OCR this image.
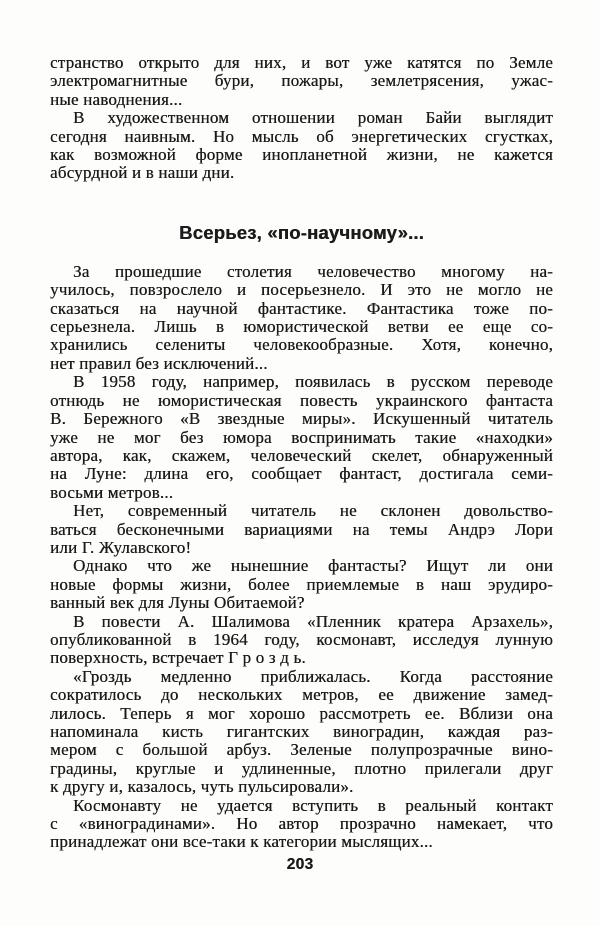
странство открыто для них, и вот уже катятся по Земле
электромагнитные бури, пожары, землетрясения, ужас-
ные наводнения...
В художественном отношении роман Байи выглядит
сегодня наивным. Но мысль об энергетических сгустках,
как возможной форме инопланетной жизни, не кажется
абсурдной и в наши дни.
Всерьез, «по-научному»...
За прошедшие столетия человечество многому на-
училось, повзрослело и посерьезнело. И это не могло не
сказаться на научной фантастике. Фантастика тоже по-
серьезнела. Лишь в юмористической ветви ее еще со-
хранились селениты человекообразные. Хотя, конечно,
нет правил без исключений...
В 1958 году, например, появилась в русском переводе
отнюдь не юмористическая повесть украинского фантаста
В. Бережного «В звездные миры». Искушенный читатель
уже не мог без юмора воспринимать такие «находки»
автора, как, скажем, человеческий скелет, обнаруженный
на Луне: длина его, сообщает фантаст, достигала семи-
восьми метров...
Нет, современный читатель не склонен довольство-
ваться бесконечными вариациями на темы Андрэ Лори
или Г. Жулавского!
Однако что же нынешние фантасты? Ищут ли они
новые формы жизни, более приемлемые в наш эрудиро-
ванный век для Луны Обитаемой?
В повести А. Шалимова «Пленник кратера Арзахель»,
опубликованной в 1964 году, космонавт, исследуя лунную
поверхность, встречает Г р о з д ь.
«Гроздь медленно приближалась. Когда расстояние
сократилось до нескольких метров, ее движение замед-
лилось. Теперь я мог хорошо рассмотреть ее. Вблизи она
напоминала кисть гигантских виноградин, каждая раз-
мером с большой арбуз. Зеленые полупрозрачные вино-
градины, круглые и удлиненные, плотно прилегали друг
к другу и, казалось, чуть пульсировали».
Космонавту не удается вступить в реальный контакт
с «виноградинами». Но автор прозрачно намекает, что
принадлежат они все-таки к категории мыслящих...
203
